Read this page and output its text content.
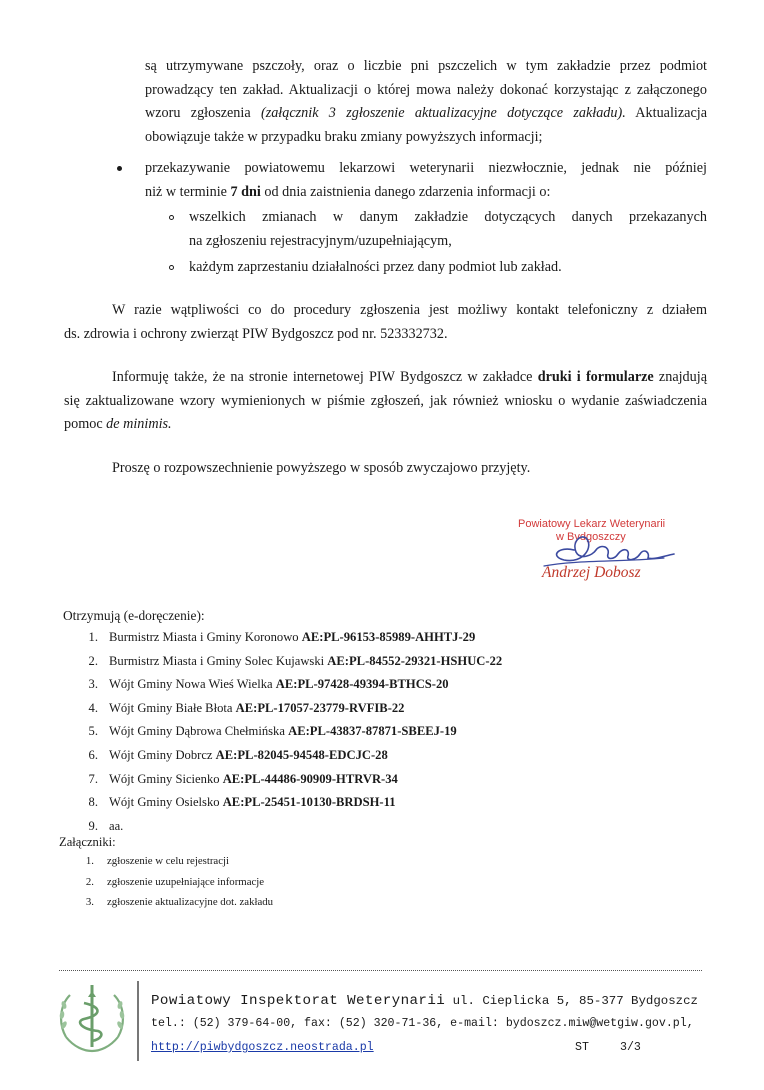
są utrzymywane pszczoły, oraz o liczbie pni pszczelich w tym zakładzie przez podmiot
prowadzący ten zakład. Aktualizacji o której mowa należy dokonać korzystając z załączonego
wzoru zgłoszenia (załącznik 3 zgłoszenie aktualizacyjne dotyczące zakładu). Aktualizacja
obowiązuje także w przypadku braku zmiany powyższych informacji;
przekazywanie powiatowemu lekarzowi weterynarii niezwłocznie, jednak nie później
niż w terminie 7 dni od dnia zaistnienia danego zdarzenia informacji o:
wszelkich zmianach w danym zakładzie dotyczących danych przekazanych
na zgłoszeniu rejestracyjnym/uzupełniającym,
każdym zaprzestaniu działalności przez dany podmiot lub zakład.
W razie wątpliwości co do procedury zgłoszenia jest możliwy kontakt telefoniczny z działem
ds. zdrowia i ochrony zwierząt PIW Bydgoszcz pod nr. 523332732.
Informuję także, że na stronie internetowej PIW Bydgoszcz w zakładce druki i formularze znajdują
się zaktualizowane wzory wymienionych w piśmie zgłoszeń, jak również wniosku o wydanie zaświadczenia
pomoc de minimis.
Proszę o rozpowszechnienie powyższego w sposób zwyczajowo przyjęty.
Powiatowy Lekarz Weterynarii
w Bydgoszczy
Andrzej Dobosz
Otrzymują (e-doręczenie):
1. Burmistrz Miasta i Gminy Koronowo AE:PL-96153-85989-AHHTJ-29
2. Burmistrz Miasta i Gminy Solec Kujawski AE:PL-84552-29321-HSHUC-22
3. Wójt Gminy Nowa Wieś Wielka AE:PL-97428-49394-BTHCS-20
4. Wójt Gminy Białe Błota AE:PL-17057-23779-RVFIB-22
5. Wójt Gminy Dąbrowa Chełmińska AE:PL-43837-87871-SBEEJ-19
6. Wójt Gminy Dobrcz AE:PL-82045-94548-EDCJC-28
7. Wójt Gminy Sicienko AE:PL-44486-90909-HTRVR-34
8. Wójt Gminy Osielsko AE:PL-25451-10130-BRDSH-11
9. aa.
Załączniki:
1. zgłoszenie w celu rejestracji
2. zgłoszenie uzupełniające informacje
3. zgłoszenie aktualizacyjne dot. zakładu
Powiatowy Inspektorat Weterynarii ul. Cieplicka 5, 85-377 Bydgoszcz
tel.: (52) 379-64-00, fax: (52) 320-71-36, e-mail: bydoszcz.miw@wetgiw.gov.pl,
http://piwbydgoszcz.neostrada.pl	ST	3/3
